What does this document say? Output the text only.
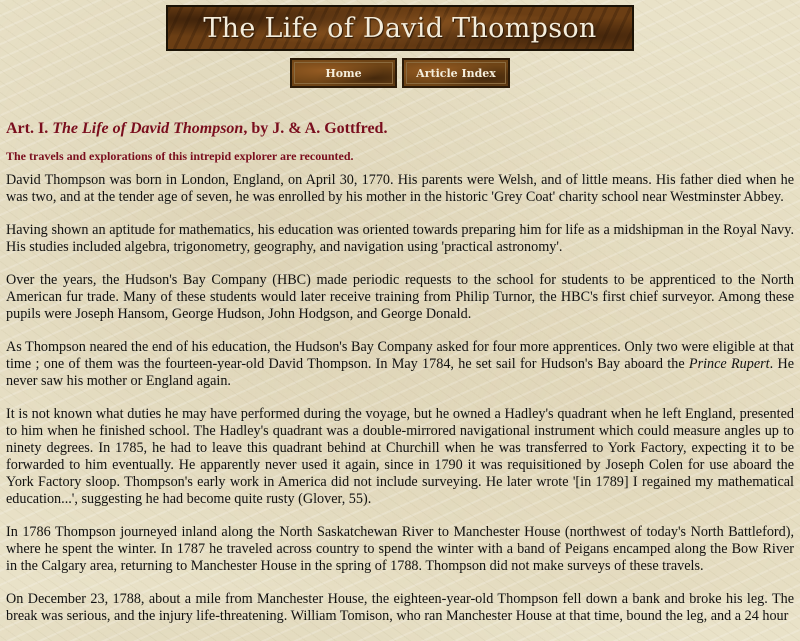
The Life of David Thompson
Home	Article Index
Art. I. The Life of David Thompson, by J. & A. Gottfred.
The travels and explorations of this intrepid explorer are recounted.

David Thompson was born in London, England, on April 30, 1770. His parents were Welsh, and of little means. His father died when he was two, and at the tender age of seven, he was enrolled by his mother in the historic 'Grey Coat' charity school near Westminster Abbey.

Having shown an aptitude for mathematics, his education was oriented towards preparing him for life as a midshipman in the Royal Navy. His studies included algebra, trigonometry, geography, and navigation using 'practical astronomy'.

Over the years, the Hudson's Bay Company (HBC) made periodic requests to the school for students to be apprenticed to the North American fur trade. Many of these students would later receive training from Philip Turnor, the HBC's first chief surveyor. Among these pupils were Joseph Hansom, George Hudson, John Hodgson, and George Donald.

As Thompson neared the end of his education, the Hudson's Bay Company asked for four more apprentices. Only two were eligible at that time ; one of them was the fourteen-year-old David Thompson. In May 1784, he set sail for Hudson's Bay aboard the Prince Rupert. He never saw his mother or England again.

It is not known what duties he may have performed during the voyage, but he owned a Hadley's quadrant when he left England, presented to him when he finished school. The Hadley's quadrant was a double-mirrored navigational instrument which could measure angles up to ninety degrees. In 1785, he had to leave this quadrant behind at Churchill when he was transferred to York Factory, expecting it to be forwarded to him eventually. He apparently never used it again, since in 1790 it was requisitioned by Joseph Colen for use aboard the York Factory sloop. Thompson's early work in America did not include surveying. He later wrote '[in 1789] I regained my mathematical education...', suggesting he had become quite rusty (Glover, 55).

In 1786 Thompson journeyed inland along the North Saskatchewan River to Manchester House (northwest of today's North Battleford), where he spent the winter. In 1787 he traveled across country to spend the winter with a band of Peigans encamped along the Bow River in the Calgary area, returning to Manchester House in the spring of 1788. Thompson did not make surveys of these travels.

On December 23, 1788, about a mile from Manchester House, the eighteen-year-old Thompson fell down a bank and broke his leg. The break was serious, and the injury life-threatening. William Tomison, who ran Manchester House at that time, bound the leg, and a 24 hour
